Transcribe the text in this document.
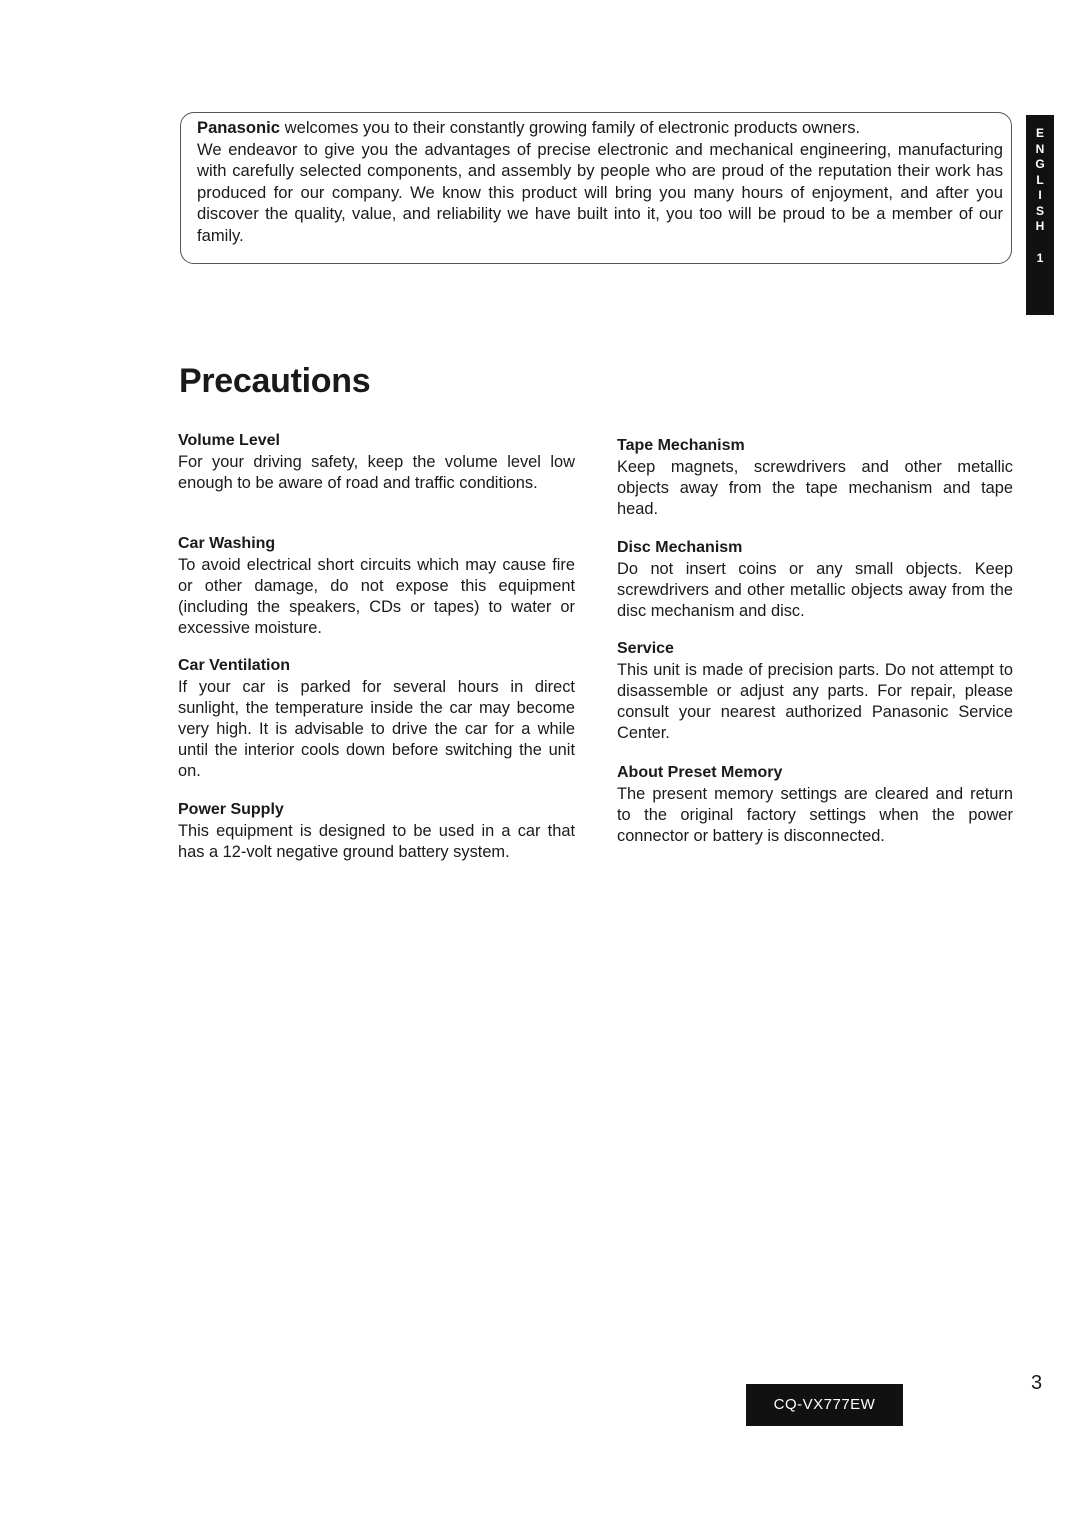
Panasonic welcomes you to their constantly growing family of electronic products owners.

We endeavor to give you the advantages of precise electronic and mechanical engineering, manufacturing with carefully selected components, and assembly by people who are proud of the reputation their work has produced for our company. We know this product will bring you many hours of enjoyment, and after you discover the quality, value, and reliability we have built into it, you too will be proud to be a member of our family.

E
N
G
L
I
S
H
1
Precautions
Volume Level

For your driving safety, keep the volume level low enough to be aware of road and traffic conditions.

Car Washing

To avoid electrical short circuits which may cause fire or other damage, do not expose this equipment (including the speakers, CDs or tapes) to water or excessive moisture.

Car Ventilation

If your car is parked for several hours in direct sunlight, the temperature inside the car may become very high. It is advisable to drive the car for a while until the interior cools down before switching the unit on.

Power Supply

This equipment is designed to be used in a car that has a 12-volt negative ground battery system.

Tape Mechanism

Keep magnets, screwdrivers and other metallic objects away from the tape mechanism and tape head.

Disc Mechanism

Do not insert coins or any small objects. Keep screwdrivers and other metallic objects away from the disc mechanism and disc.

Service

This unit is made of precision parts. Do not attempt to disassemble or adjust any parts. For repair, please consult your nearest authorized Panasonic Service Center.

About Preset Memory

The present memory settings are cleared and return to the original factory settings when the power connector or battery is disconnected.

3
CQ-VX777EW
